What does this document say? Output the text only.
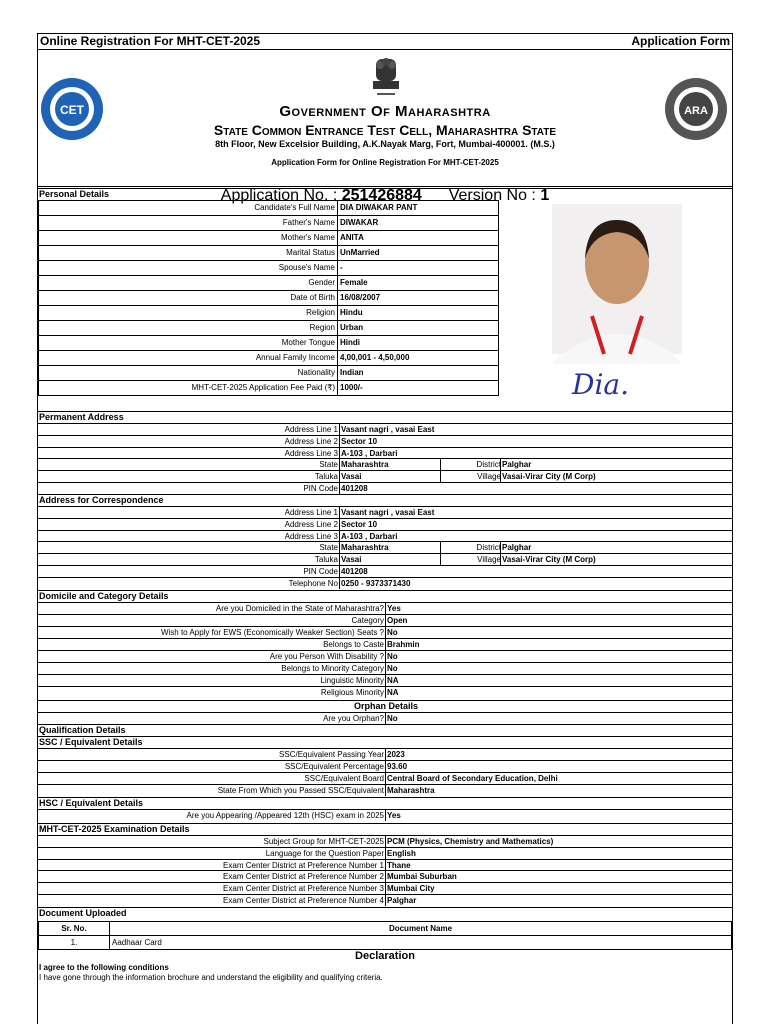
Online Registration For MHT-CET-2025	Application Form
CET	ARA
Government Of Maharashtra
State Common Entrance Test Cell, Maharashtra State
8th Floor, New Excelsior Building, A.K.Nayak Marg, Fort, Mumbai-400001. (M.S.)
Application Form for Online Registration For MHT-CET-2025
Application No. : 251426884 Version No : 1
Personal Details
Candidate's Full Name	DIA DIWAKAR PANT
Father's Name	DIWAKAR
Mother's Name	ANITA
Marital Status	UnMarried
Spouse's Name	-
Gender	Female
Date of Birth	16/08/2007
Religion	Hindu
Region	Urban
Mother Tongue	Hindi
Annual Family Income	4,00,001 - 4,50,000
Nationality	Indian
MHT-CET-2025 Application Fee Paid (₹)	1000/-	Dia.
Permanent Address
Address Line 1 Vasant nagri , vasai East
Address Line 2 Sector 10
Address Line 3 A-103 , Darbari
State Maharashtra	District Palghar
Taluka Vasai	Village Vasai-Virar City (M Corp)
PIN Code 401208
Address for Correspondence
Address Line 1 Vasant nagri , vasai East
Address Line 2 Sector 10
Address Line 3 A-103 , Darbari
State Maharashtra	District Palghar
Taluka Vasai	Village Vasai-Virar City (M Corp)
PIN Code 401208
Telephone No 0250 - 9373371430
Domicile and Category Details
Are you Domiciled in the State of Maharashtra? Yes
Category Open
Wish to Apply for EWS (Economically Weaker Section) Seats ? No
Belongs to Caste Brahmin
Are you Person With Disability ? No
Belongs to Minority Category No
Linguistic Minority NA
Religious Minority NA
Orphan Details
Are you Orphan? No
Qualification Details
SSC / Equivalent Details
SSC/Equivalent Passing Year 2023
SSC/Equivalent Percentage 93.60
SSC/Equivalent Board Central Board of Secondary Education, Delhi
State From Which you Passed SSC/Equivalent Maharashtra
HSC / Equivalent Details
Are you Appearing /Appeared 12th (HSC) exam in 2025 Yes
MHT-CET-2025 Examination Details
Subject Group for MHT-CET-2025 PCM (Physics, Chemistry and Mathematics)
Language for the Question Paper English
Exam Center District at Preference Number 1 Thane
Exam Center District at Preference Number 2 Mumbai Suburban
Exam Center District at Preference Number 3 Mumbai City
Exam Center District at Preference Number 4 Palghar
Document Uploaded
Sr. No.	Document Name
1.	Aadhaar Card
Declaration
I agree to the following conditions
I have gone through the information brochure and understand the eligibility and qualifying criteria.
